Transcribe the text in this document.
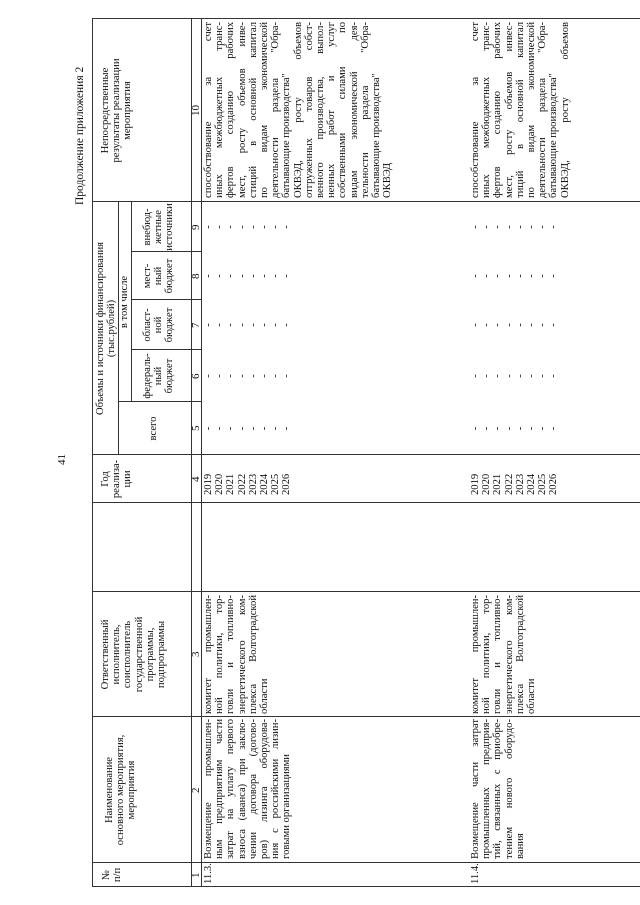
41
Продолжение приложения 2
№ п/п
Наименование основного мероприятия, мероприятия
Ответственный исполнитель, соисполнитель государственной программы, подпрограммы
Год реализа- ции
Объемы и источники финансирования (тыс.рублей)
всего
в том числе
федераль- ный бюджет
област- ной бюджет
мест- ный бюджет
внебюд- жетные источники
Непосредственные результаты реализации мероприятия
1
2
3
4
5
6
7
8
9
10
11.3.
Возмещение промышлен- ным предприятиям части затрат на уплату первого взноса (аванса) при заклю- чении договора (догово- ров) лизинга оборудова- ния с российскими лизин- говыми организациями
комитет промышлен- ной политики, тор- говли и топливно- энергетического ком- плекса Волгоградской области
2019 2020 2021 2022 2023 2024 2025 2026
- - - - - - - -
- - - - - - - -
- - - - - - - -
- - - - - - - -
- - - - - - - -
способствование за счет иных межбюджетных транс- фертов созданию рабочих мест, росту объемов инве- стиций в основной капитал по видам экономической деятельности раздела "Обра- батывающие производства" ОКВЭД, росту объемов отгруженных товаров собст- венного производства, выпол- ненных работ и услуг собственными силами по видам экономической дея- тельности раздела "Обра- батывающие производства" ОКВЭД
11.4.
Возмещение части затрат промышленных предприя- тий, связанных с приобре- тением нового оборудо- вания
комитет промышлен- ной политики, тор- говли и топливно- энергетического ком- плекса Волгоградской области
2019 2020 2021 2022 2023 2024 2025 2026
- - - - - - - -
- - - - - - - -
- - - - - - - -
- - - - - - - -
- - - - - - - -
способствование за счет иных межбюджетных транс- фертов созданию рабочих мест, росту объемов инвес- тиций в основной капитал по видам экономической деятельности раздела "Обра- батывающие производства" ОКВЭД, росту объемов
